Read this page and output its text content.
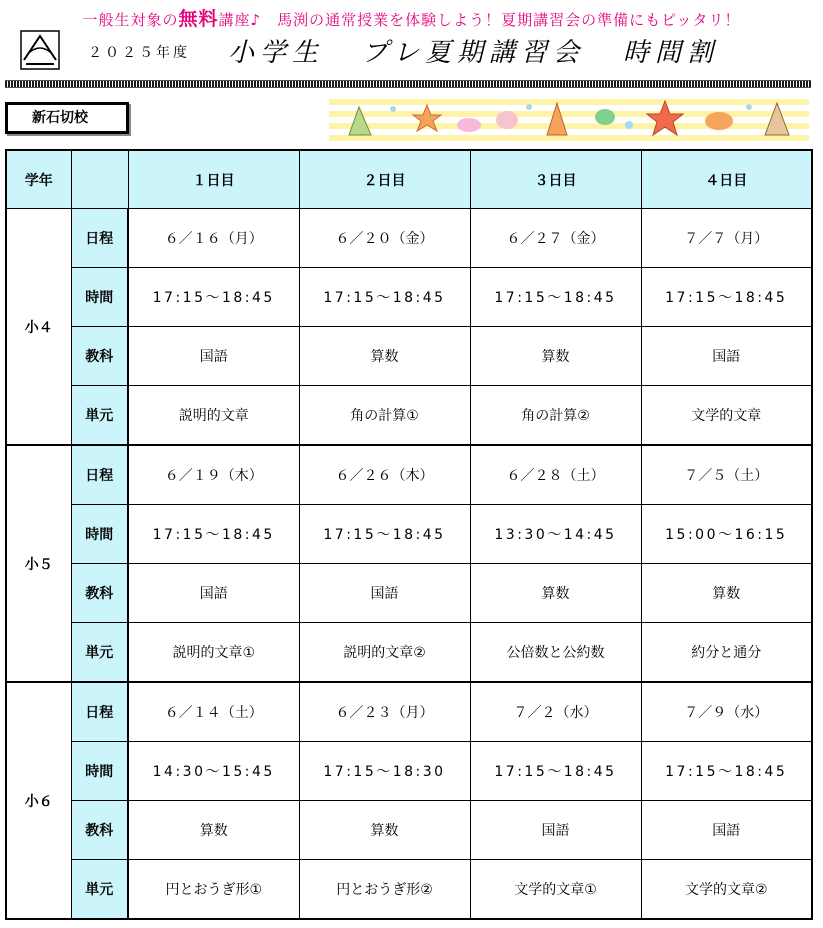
一般生対象の無料講座♪　馬渕の通常授業を体験しよう！夏期講習会の準備にもピッタリ！
２０２５年度 小学生 プレ夏期講習会 時間割
新石切校
学年		１日目	２日目	３日目	４日目
小４	日程	６／１６（月）	６／２０（金）	６／２７（金）	７／７（月）
	時間	17:15～18:45	17:15～18:45	17:15～18:45	17:15～18:45
	教科	国語	算数	算数	国語
	単元	説明的文章	角の計算①	角の計算②	文学的文章
小５	日程	６／１９（木）	６／２６（木）	６／２８（土）	７／５（土）
	時間	17:15～18:45	17:15～18:45	13:30～14:45	15:00～16:15
	教科	国語	国語	算数	算数
	単元	説明的文章①	説明的文章②	公倍数と公約数	約分と通分
小６	日程	６／１４（土）	６／２３（月）	７／２（水）	７／９（水）
	時間	14:30～15:45	17:15～18:30	17:15～18:45	17:15～18:45
	教科	算数	算数	国語	国語
	単元	円とおうぎ形①	円とおうぎ形②	文学的文章①	文学的文章②
